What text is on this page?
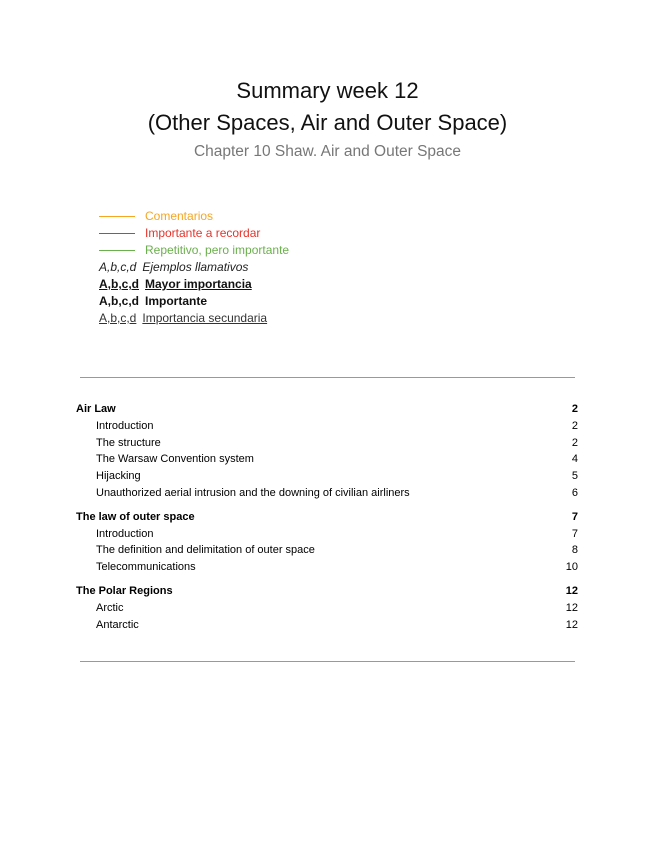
Summary week 12
(Other Spaces, Air and Outer Space)
Chapter 10 Shaw. Air and Outer Space
Comentarios
Importante a recordar
Repetitivo, pero importante
A,b,c,d Ejemplos llamativos
A,b,c,d Mayor importancia
A,b,c,d Importante
A,b,c,d Importancia secundaria
Air Law	2
Introduction	2
The structure	2
The Warsaw Convention system	4
Hijacking	5
Unauthorized aerial intrusion and the downing of civilian airliners	6
The law of outer space	7
Introduction	7
The definition and delimitation of outer space	8
Telecommunications	10
The Polar Regions	12
Arctic	12
Antarctic	12
